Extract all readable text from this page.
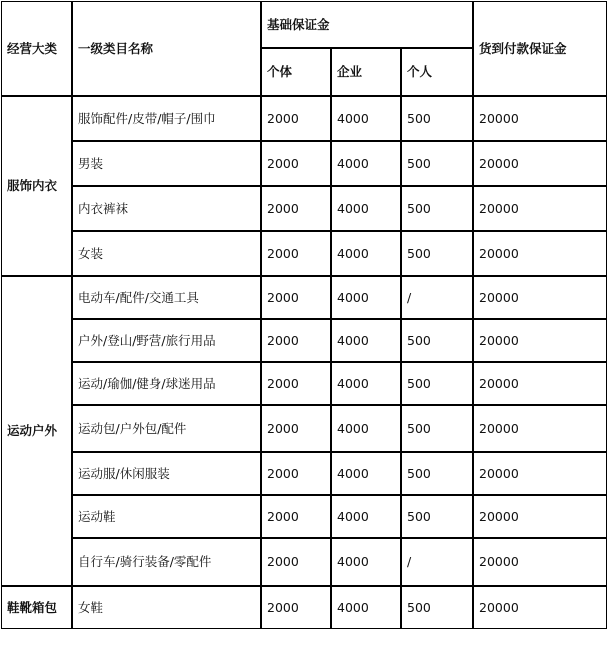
经营大类	一级类目名称	基础保证金			货到付款保证金
		个体	企业	个人	
服饰内衣	服饰配件/皮带/帽子/围巾	2000	4000	500	20000
	男装	2000	4000	500	20000
	内衣裤袜	2000	4000	500	20000
	女装	2000	4000	500	20000
运动户外	电动车/配件/交通工具	2000	4000	/	20000
	户外/登山/野营/旅行用品	2000	4000	500	20000
	运动/瑜伽/健身/球迷用品	2000	4000	500	20000
	运动包/户外包/配件	2000	4000	500	20000
	运动服/休闲服装	2000	4000	500	20000
	运动鞋	2000	4000	500	20000
	自行车/骑行装备/零配件	2000	4000	/	20000
鞋靴箱包	女鞋	2000	4000	500	20000
